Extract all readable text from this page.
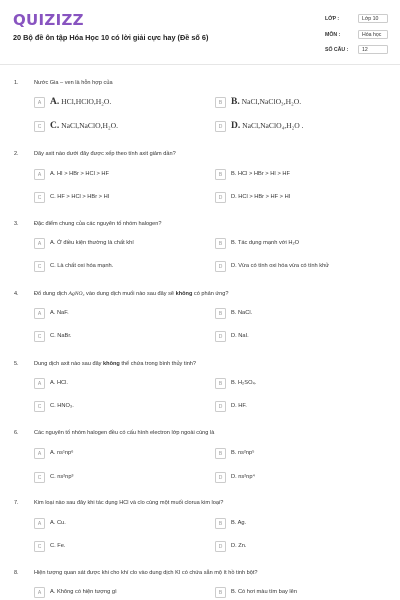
QUIZIZZ
20 Bộ đề ôn tập Hóa Học 10 có lời giải cực hay (Đề số 6)
LỚP :	Lớp 10
MÔN :	Hóa học
SỐ CÂU :	12
1.	Nước Gia – ven là hỗn hợp của
A A. HCl,HClO,H₂O.	B B. NaCl,NaClO₃,H₂O.
C C. NaCl,NaClO,H₂O.	D D. NaCl,NaClO₄,H₂O .
2.	Dãy axit nào dưới đây được xếp theo tính axit giảm dần?
A	A. HI > HBr > HCl > HF	B	B. HCl > HBr > HI > HF
C	C. HF > HCl > HBr > HI	D	D. HCl > HBr > HF > HI
3.	Đặc điểm chung của các nguyên tố nhóm halogen?
A	A. Ở điều kiện thường là chất khí	B	B. Tác dụng mạnh với H₂O
C	C. Là chất oxi hóa mạnh.	D	D. Vừa có tính oxi hóa vừa có tính khử
4.	Đổ dung dịch AgNO₃ vào dung dịch muối nào sau đây sẽ không có phản ứng?
A	A. NaF.	B	B. NaCl.
C	C. NaBr.	D	D. NaI.
5.	Dung dịch axit nào sau đây không thể chứa trong bình thủy tinh?
A	A. HCl.	B	B. H₂SO₄.
C	C. HNO₃.	D	D. HF.
6.	Các nguyên tố nhóm halogen đều có cấu hình electron lớp ngoài cùng là
A	A. ns¹np⁶	B	B. ns²np⁵
C	C. ns²np³	D	D. ns²np⁴
7.	Kim loại nào sau đây khi tác dụng HCl và clo cùng một muối clorua kim loại?
A	A. Cu.	B	B. Ag.
C	C. Fe.	D	D. Zn.
8.	Hiện tượng quan sát được khi cho khí clo vào dung dịch KI có chứa sẵn mộ ít hồ tinh bột?
A	A. Không có hiện tượng gì	B	B. Có hơi màu tím bay lên
